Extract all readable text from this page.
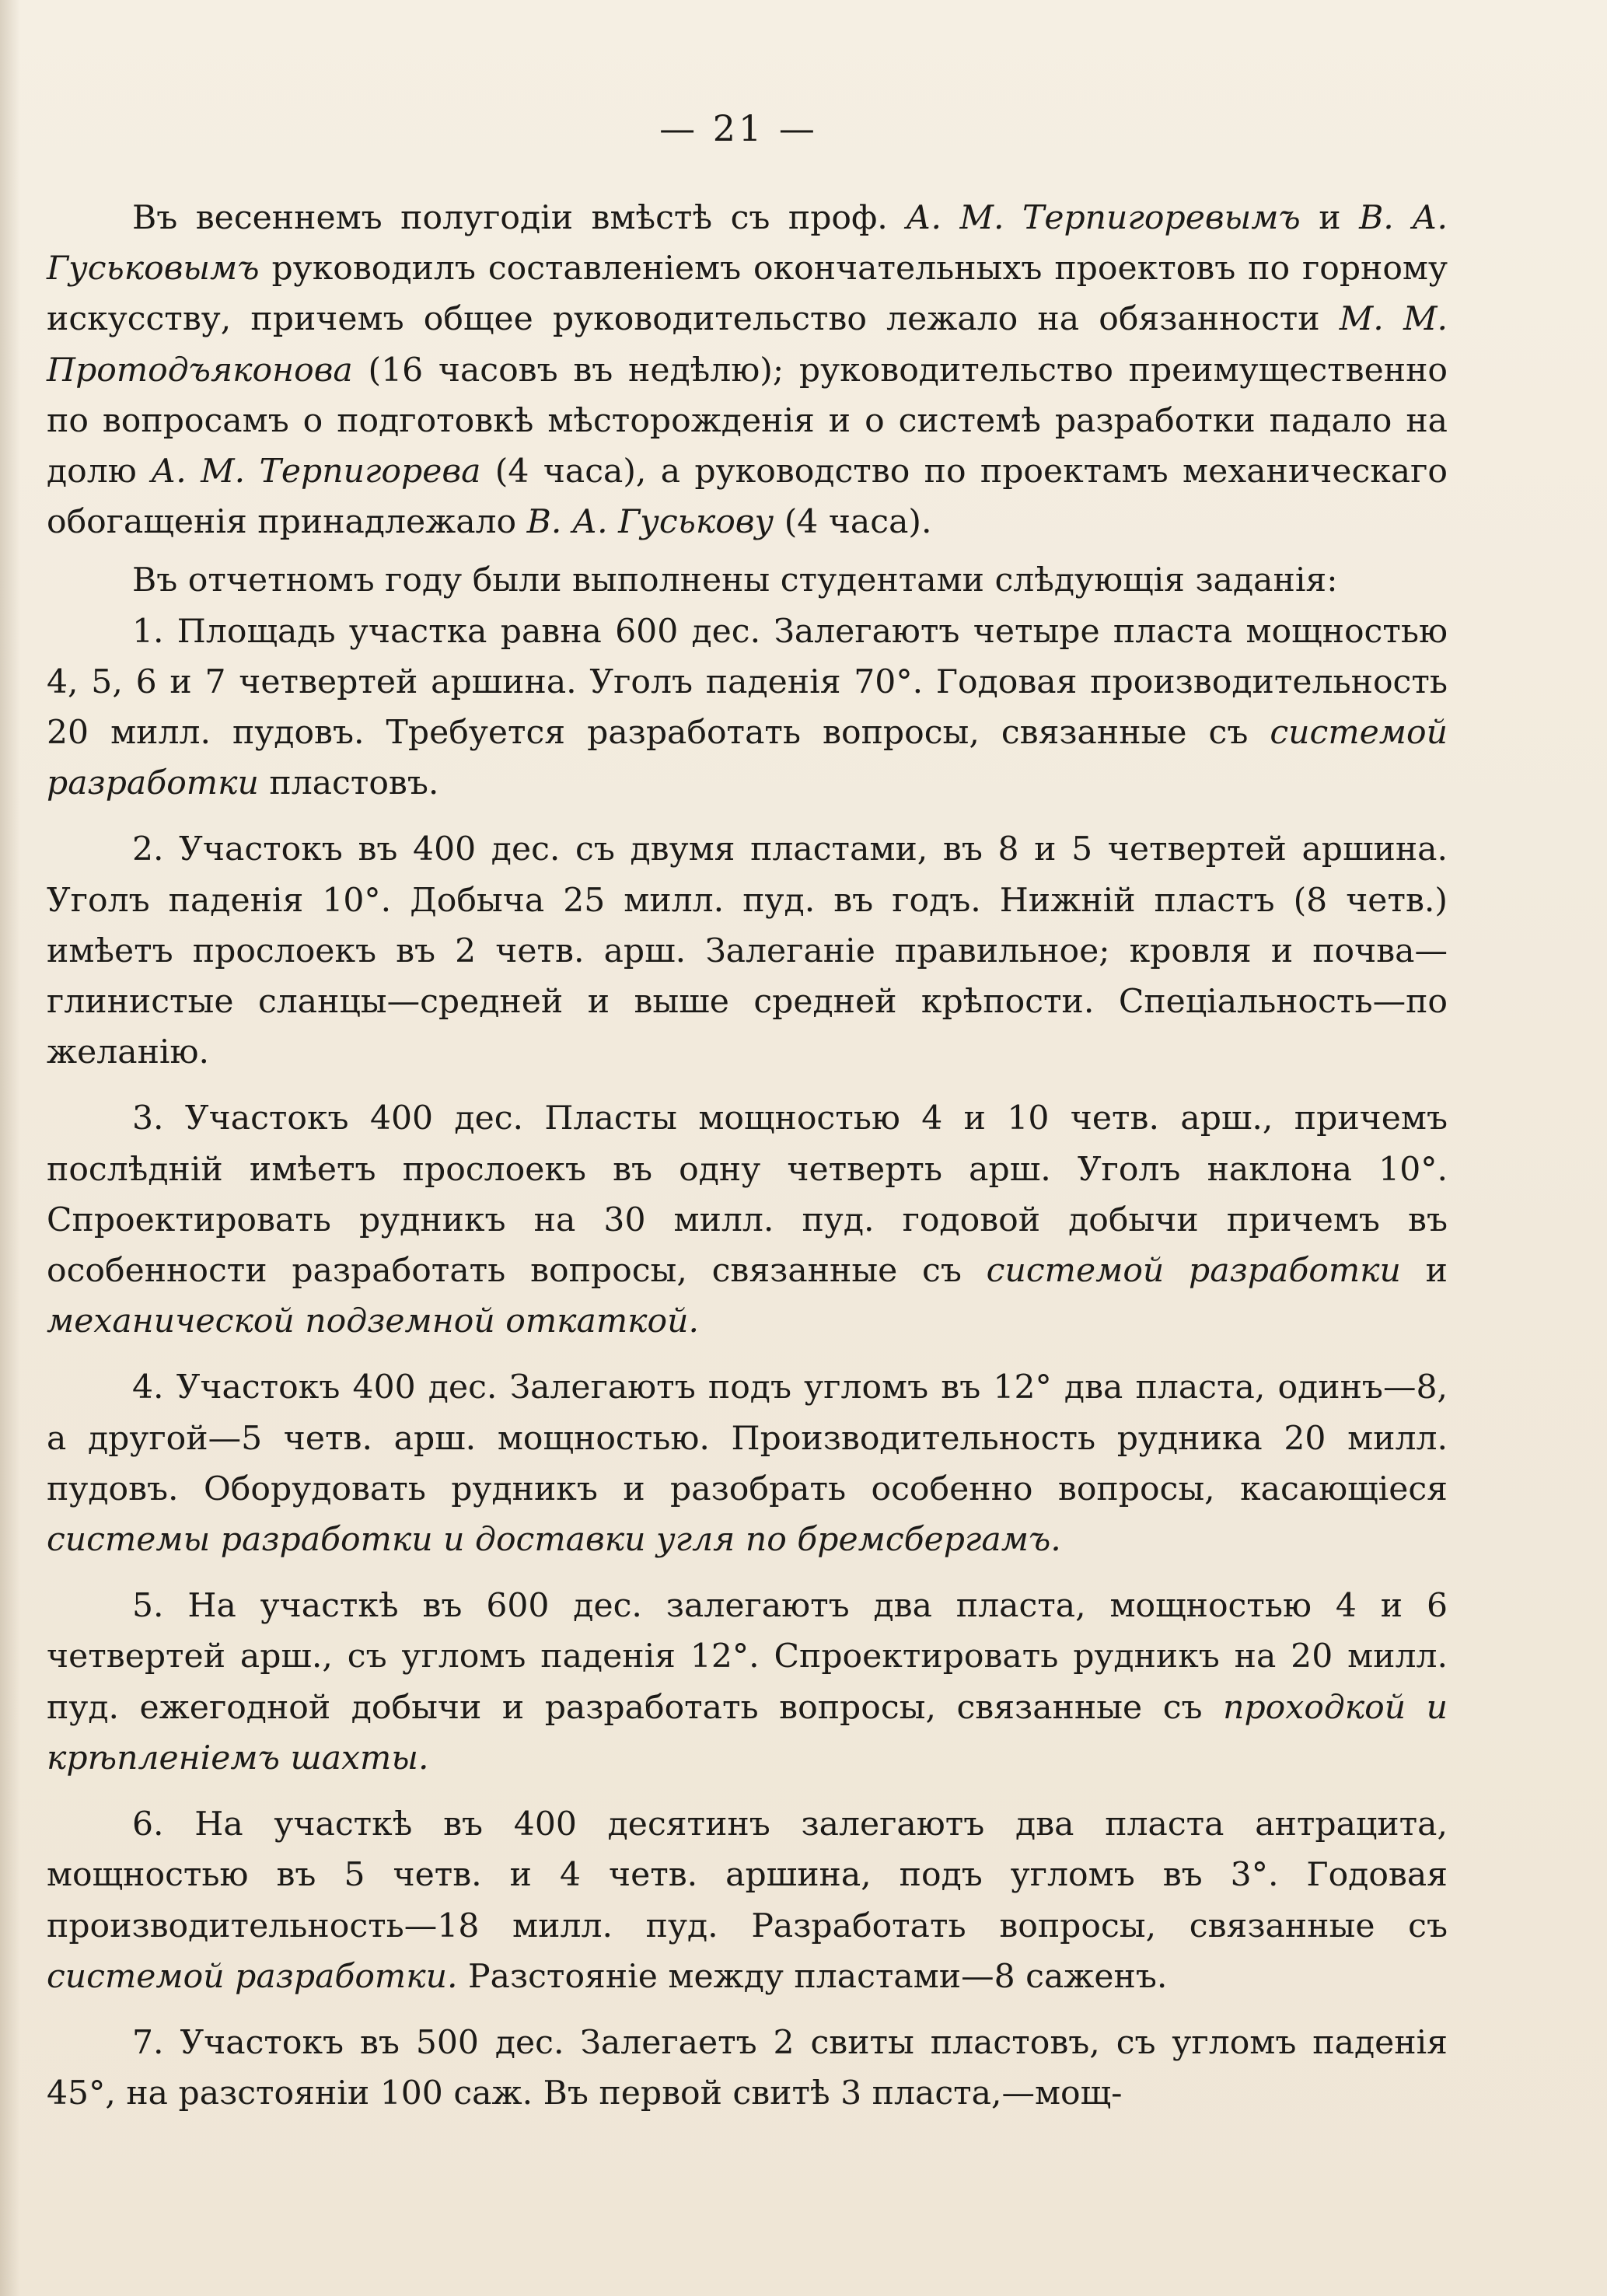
— 21 —

Въ весеннемъ полугодіи вмѣстѣ съ проф. А. М. Терпигоревымъ и В. А. Гуськовымъ руководилъ составленіемъ окончательныхъ проектовъ по горному искусству, причемъ общее руководительство лежало на обязанности М. М. Протодъяконова (16 часовъ въ недѣлю); руководительство преимущественно по вопросамъ о подготовкѣ мѣсторожденія и о системѣ разработки падало на долю А. М. Терпигорева (4 часа), а руководство по проектамъ механическаго обогащенія принадлежало В. А. Гуськову (4 часа).

Въ отчетномъ году были выполнены студентами слѣдующія заданія:

1. Площадь участка равна 600 дес. Залегаютъ четыре пласта мощностью 4, 5, 6 и 7 четвертей аршина. Уголъ паденія 70°. Годовая производительность 20 милл. пудовъ. Требуется разработать вопросы, связанные съ системой разработки пластовъ.

2. Участокъ въ 400 дес. съ двумя пластами, въ 8 и 5 четвертей аршина. Уголъ паденія 10°. Добыча 25 милл. пуд. въ годъ. Нижній пластъ (8 четв.) имѣетъ прослоекъ въ 2 четв. арш. Залеганіе правильное; кровля и почва—глинистые сланцы—средней и выше средней крѣпости. Спеціальность—по желанію.

3. Участокъ 400 дес. Пласты мощностью 4 и 10 четв. арш., причемъ послѣдній имѣетъ прослоекъ въ одну четверть арш. Уголъ наклона 10°. Спроектировать рудникъ на 30 милл. пуд. годовой добычи причемъ въ особенности разработать вопросы, связанные съ системой разработки и механической подземной откаткой.

4. Участокъ 400 дес. Залегаютъ подъ угломъ въ 12° два пласта, одинъ—8, а другой—5 четв. арш. мощностью. Производительность рудника 20 милл. пудовъ. Оборудовать рудникъ и разобрать особенно вопросы, касающіеся системы разработки и доставки угля по бремсбергамъ.

5. На участкѣ въ 600 дес. залегаютъ два пласта, мощностью 4 и 6 четвертей арш., съ угломъ паденія 12°. Спроектировать рудникъ на 20 милл. пуд. ежегодной добычи и разработать вопросы, связанные съ проходкой и крѣпленіемъ шахты.

6. На участкѣ въ 400 десятинъ залегаютъ два пласта антрацита, мощностью въ 5 четв. и 4 четв. аршина, подъ угломъ въ 3°. Годовая производительность—18 милл. пуд. Разработать вопросы, связанные съ системой разработки. Разстояніе между пластами—8 саженъ.

7. Участокъ въ 500 дес. Залегаетъ 2 свиты пластовъ, съ угломъ паденія 45°, на разстояніи 100 саж. Въ первой свитѣ 3 пласта,—мощ-
